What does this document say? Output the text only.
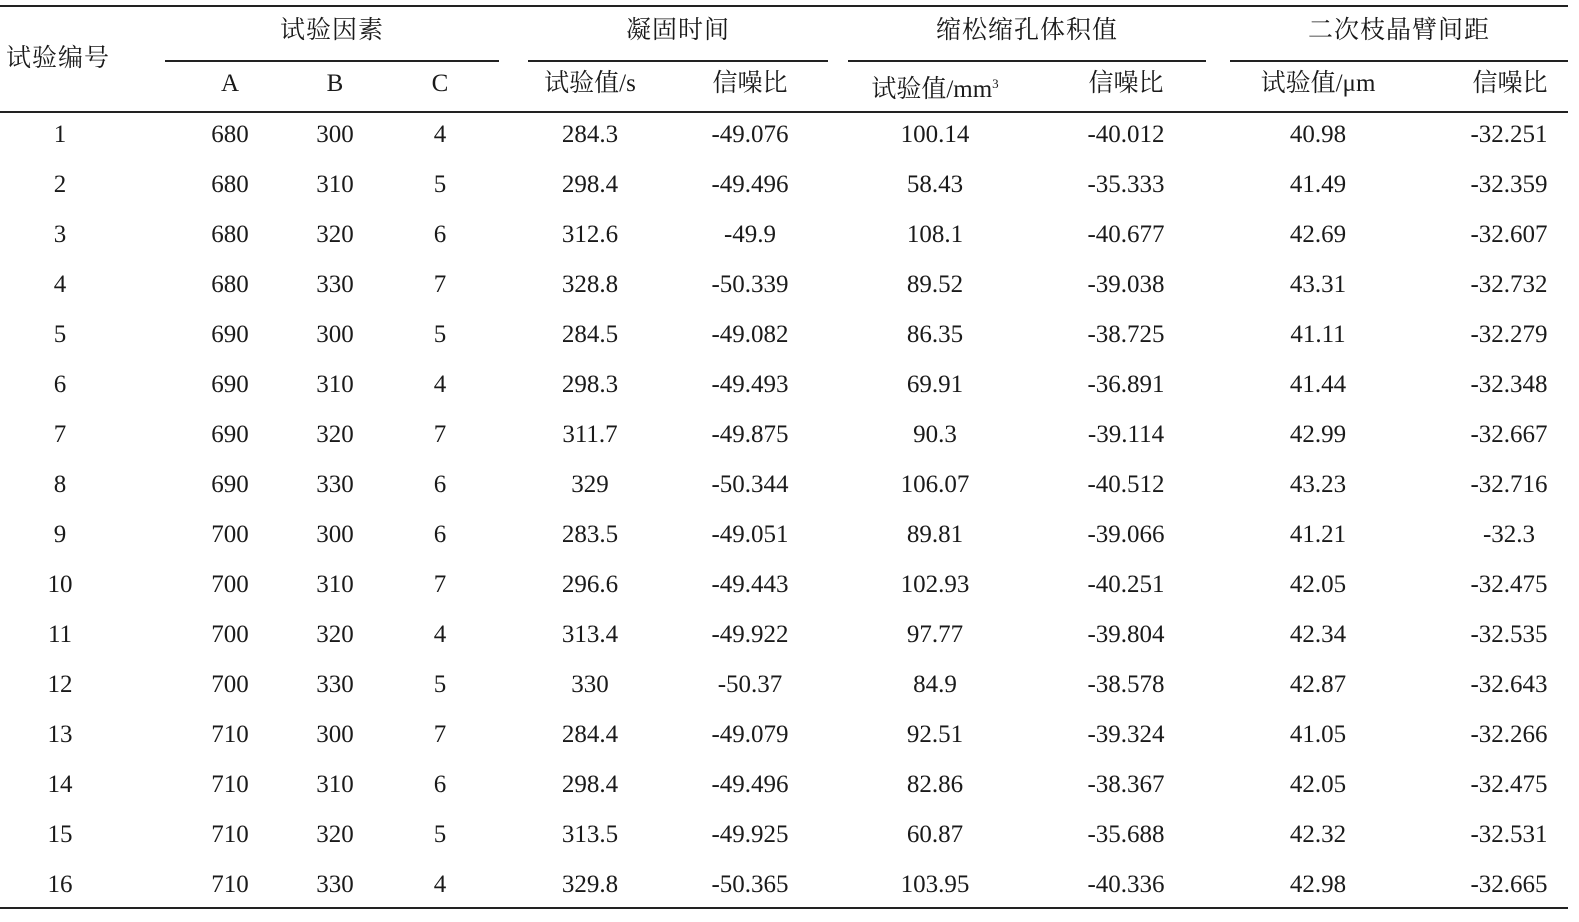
试验编号
试验因素	凝固时间	缩松缩孔体积值	二次枝晶臂间距
A	B	C	试验值/s	信噪比	试验值$/mm^3$	信噪比	试验值/μm	信噪比
1	680	300	4	284.3	-49.076	100.14	-40.012	40.98	-32.251
2	680	310	5	298.4	-49.496	58.43	-35.333	41.49	-32.359
3	680	320	6	312.6	-49.9	108.1	-40.677	42.69	-32.607
4	680	330	7	328.8	-50.339	89.52	-39.038	43.31	-32.732
5	690	300	5	284.5	-49.082	86.35	-38.725	41.11	-32.279
6	690	310	4	298.3	-49.493	69.91	-36.891	41.44	-32.348
7	690	320	7	311.7	-49.875	90.3	-39.114	42.99	-32.667
8	690	330	6	329	-50.344	106.07	-40.512	43.23	-32.716
9	700	300	6	283.5	-49.051	89.81	-39.066	41.21	-32.3
10	700	310	7	296.6	-49.443	102.93	-40.251	42.05	-32.475
11	700	320	4	313.4	-49.922	97.77	-39.804	42.34	-32.535
12	700	330	5	330	-50.37	84.9	-38.578	42.87	-32.643
13	710	300	7	284.4	-49.079	92.51	-39.324	41.05	-32.266
14	710	310	6	298.4	-49.496	82.86	-38.367	42.05	-32.475
15	710	320	5	313.5	-49.925	60.87	-35.688	42.32	-32.531
16	710	330	4	329.8	-50.365	103.95	-40.336	42.98	-32.665
